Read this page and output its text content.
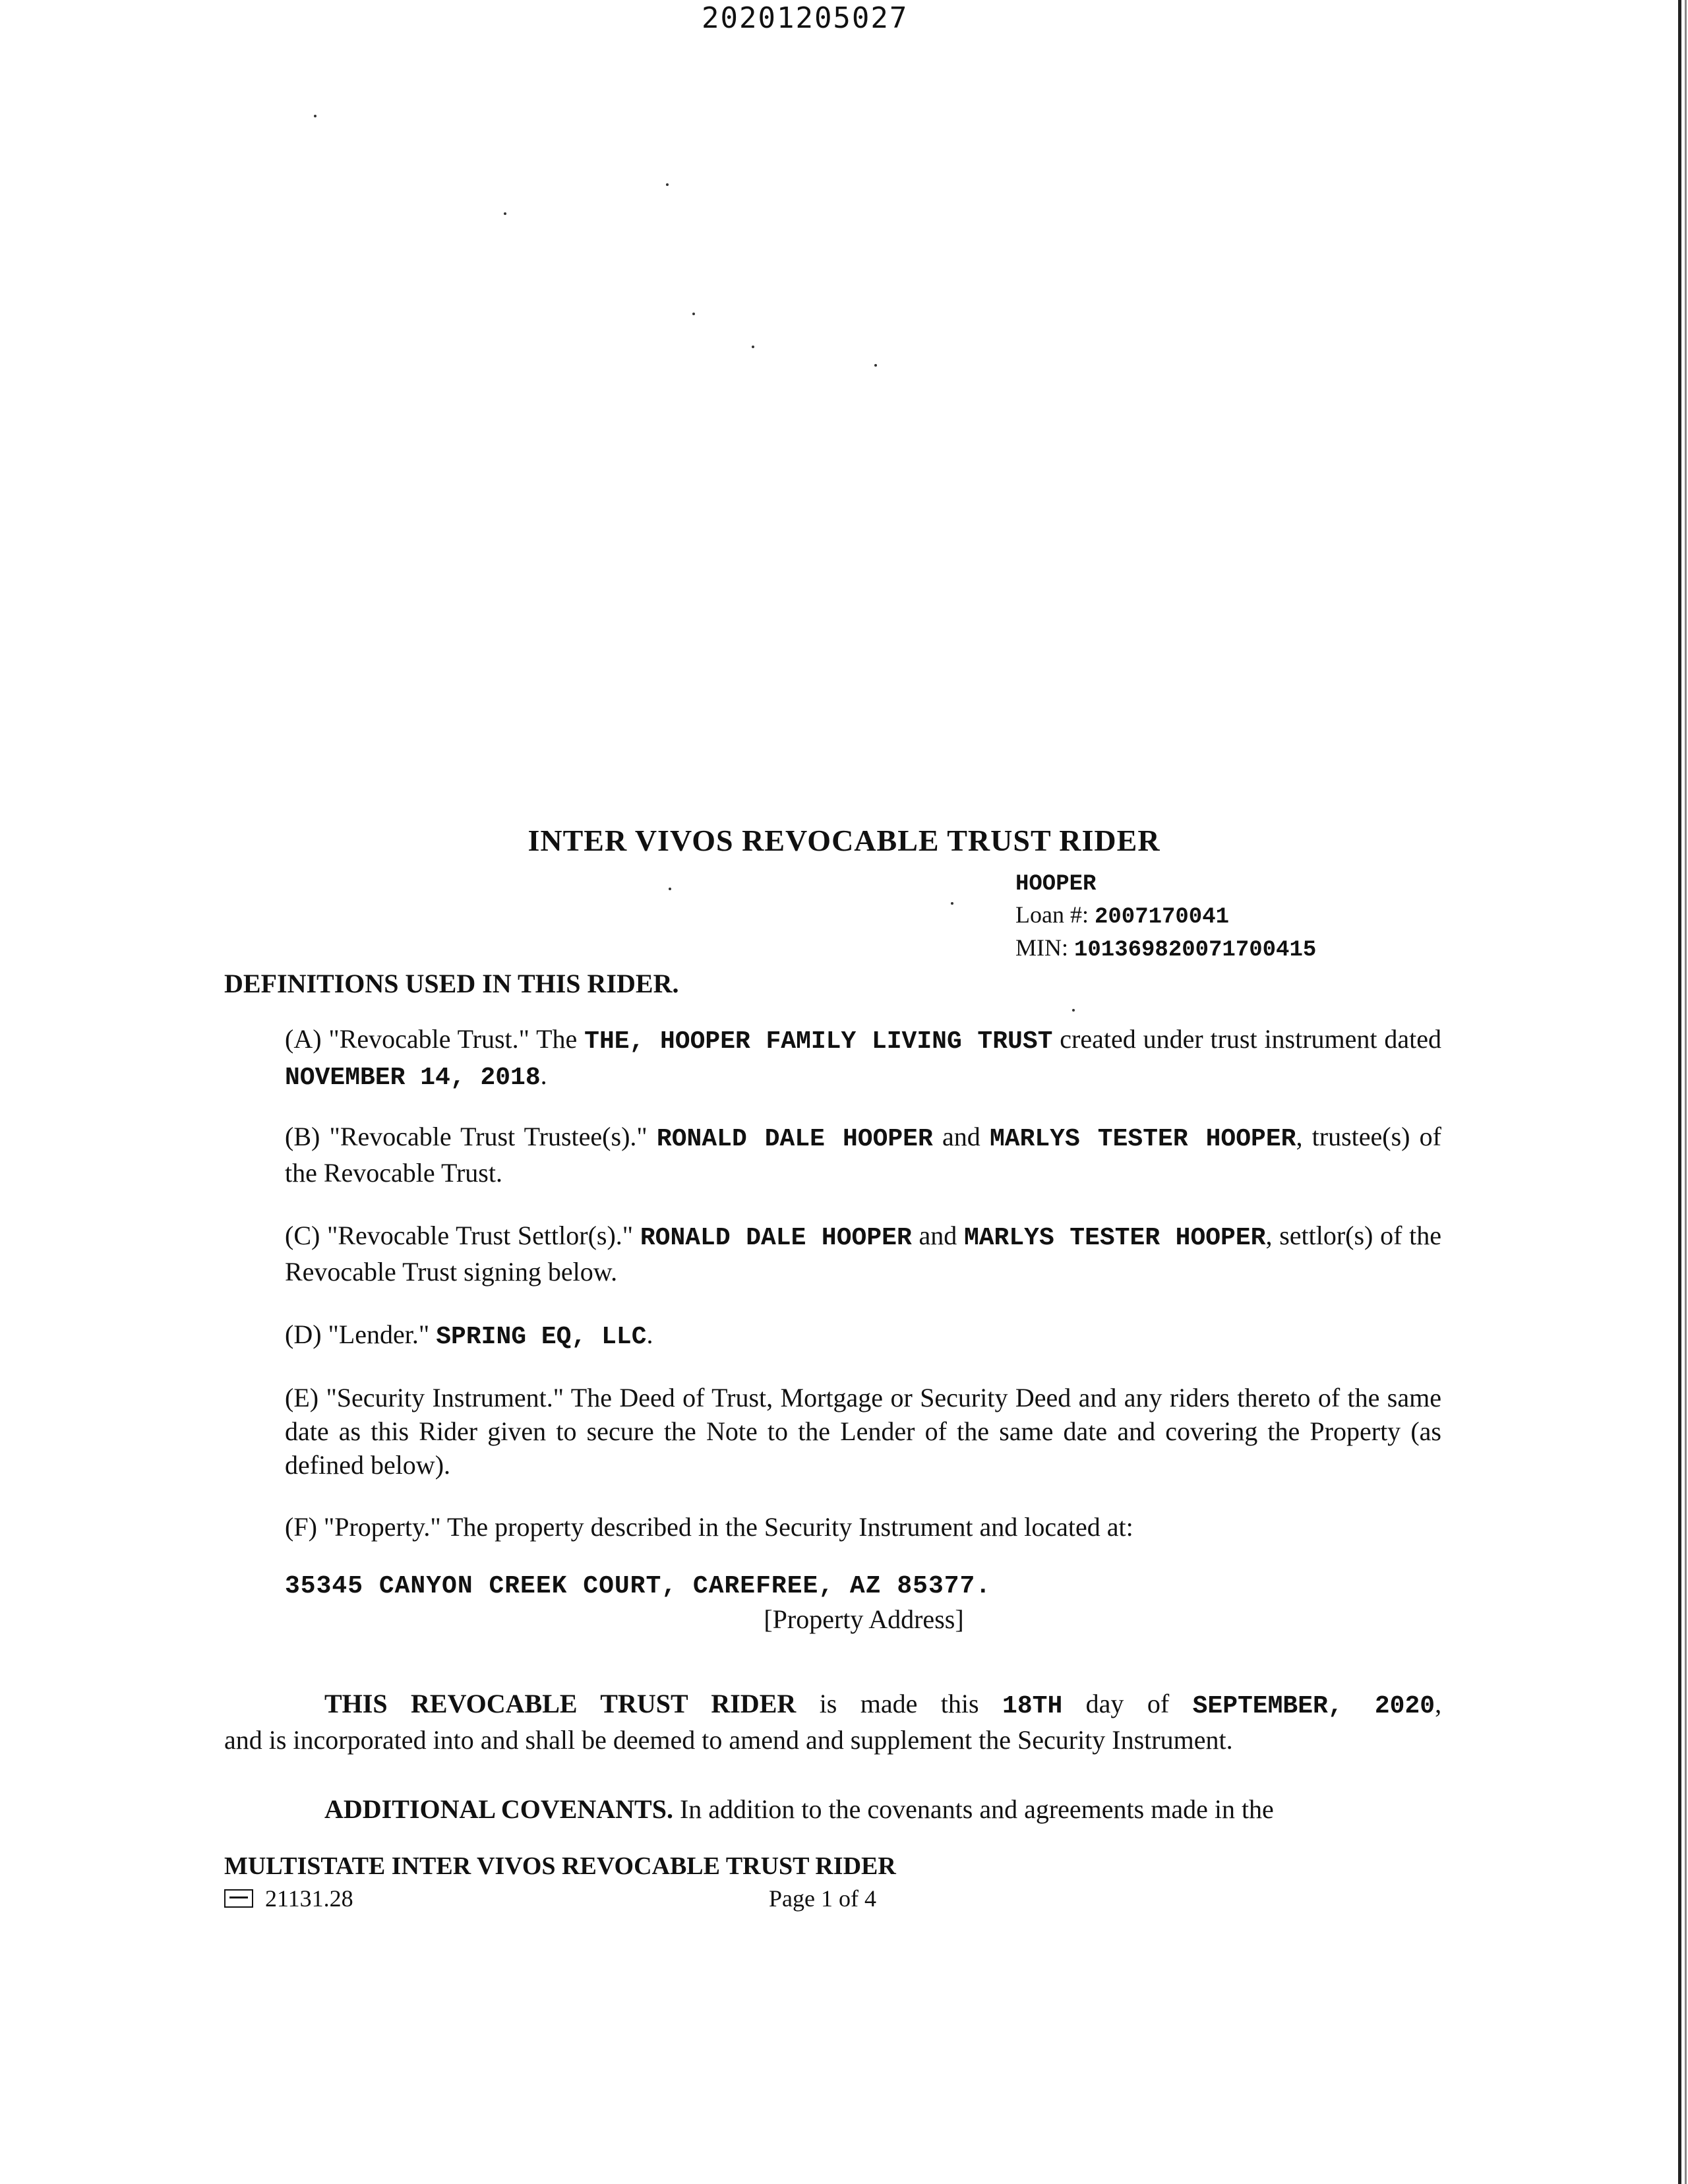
20201205027
INTER VIVOS REVOCABLE TRUST RIDER
HOOPER
Loan #: 2007170041
MIN: 101369820071700415
DEFINITIONS USED IN THIS RIDER.
(A) "Revocable Trust." The THE, HOOPER FAMILY LIVING TRUST created under trust instrument dated NOVEMBER 14, 2018.
(B) "Revocable Trust Trustee(s)." RONALD DALE HOOPER and MARLYS TESTER HOOPER, trustee(s) of the Revocable Trust.
(C) "Revocable Trust Settlor(s)." RONALD DALE HOOPER and MARLYS TESTER HOOPER, settlor(s) of the Revocable Trust signing below.
(D) "Lender." SPRING EQ, LLC.
(E) "Security Instrument." The Deed of Trust, Mortgage or Security Deed and any riders thereto of the same date as this Rider given to secure the Note to the Lender of the same date and covering the Property (as defined below).
(F) "Property." The property described in the Security Instrument and located at:
35345 CANYON CREEK COURT, CAREFREE, AZ 85377.
[Property Address]
THIS REVOCABLE TRUST RIDER is made this 18TH day of SEPTEMBER, 2020,
and is incorporated into and shall be deemed to amend and supplement the Security Instrument.
ADDITIONAL COVENANTS. In addition to the covenants and agreements made in the
MULTISTATE INTER VIVOS REVOCABLE TRUST RIDER
21131.28	Page 1 of 4
